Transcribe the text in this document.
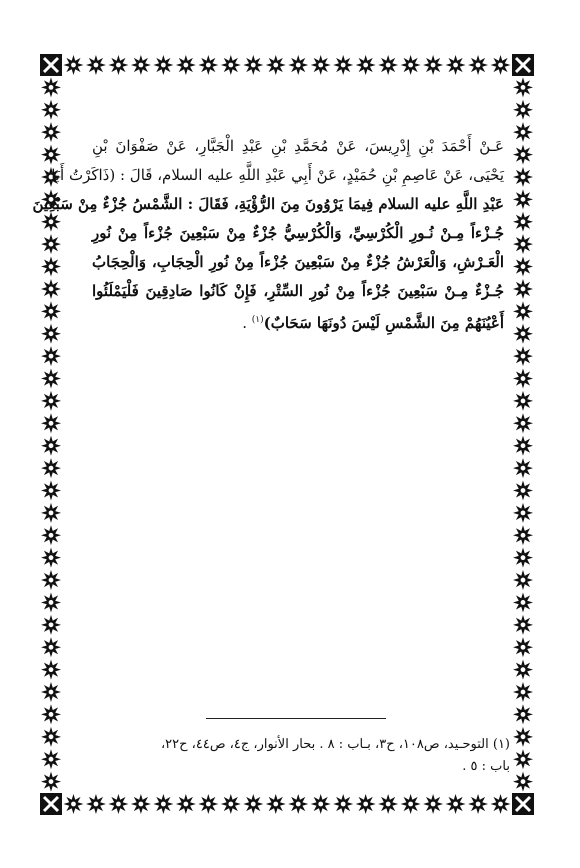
عَـنْ أَحْمَدَ بْنِ إِدْرِيسَ، عَنْ مُحَمَّدِ بْنِ عَبْدِ الْجَبَّارِ، عَنْ صَفْوَانَ بْنِ
يَحْيَى، عَنْ عَاصِمِ بْنِ حُمَيْدٍ، عَنْ أَبِي عَبْدِ اللَّهِ عليه السلام، قَالَ : (ذَاكَرْتُ أَبَا
عَبْدِ اللَّهِ عليه السلام فِيمَا يَرْوُونَ مِنَ الرُّؤْيَةِ، فَقَالَ : الشَّمْسُ جُزْءٌ مِنْ سَبْعِينَ
جُـزْءاً مِـنْ نُـورِ الْكُرْسِيِّ، وَالْكُرْسِيُّ جُزْءٌ مِنْ سَبْعِينَ جُزْءاً مِنْ نُورِ
الْعَـرْشِ، وَالْعَرْشُ جُزْءٌ مِنْ سَبْعِينَ جُزْءاً مِنْ نُورِ الْحِجَابِ، وَالْحِجَابُ
جُـزْءٌ مِـنْ سَبْعِينَ جُزْءاً مِنْ نُورِ السِّتْرِ، فَإِنْ كَانُوا صَادِقِينَ فَلْيَمْلَئُوا
أَعْيُنَهُمْ مِنَ الشَّمْسِ لَيْسَ دُونَهَا سَحَابٌ)$^{(١)}$ .
(١) التوحـيد، ص١٠٨، ح٣، بـاب : ٨ . بحار الأنوار، ج٤، ص٤٤، ح٢٢،
باب : ٥ .
